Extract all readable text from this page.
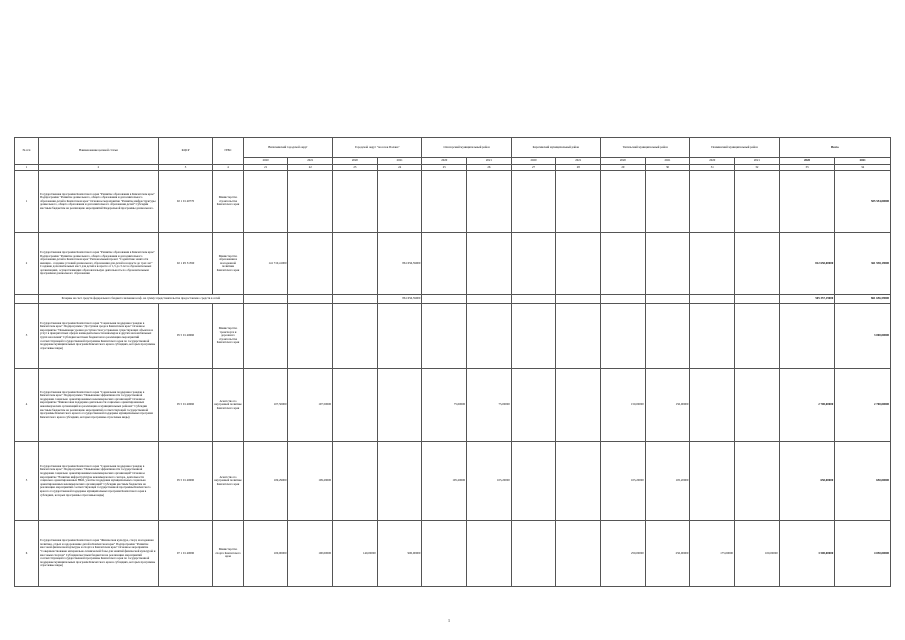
№ п/п	Наименование целевой статьи	КЦСР	ГРБС	Вилючинский городской округ		Городской округ "поселок Палана"		Олюторский муниципальный район		Карагинский муниципальный район		Тигильский муниципальный район		Пенжинский муниципальный район		Всего	
				2020	2021	2020	2021	2020	2021	2020	2021	2020	2021	2020	2021	2020	2021
1	2	3	4	21	22	23	24	25	26	27	28	29	30	31	32	33	34
1	Государственная программа Камчатского края "Развитие образования в Камчатском крае" Подпрограмма "Развитие дошкольного, общего образования и дополнительного образования детей в Камчатском крае" Основное мероприятие "Развитие инфраструктуры дошкольного, общего образования и дополнительного образования детей" Субсидии местным бюджетам на реализацию мероприятий Федеральной программы дошкольного.	02 1 01 40770	Министерство строительства Камчатского края														505 554,00000
2	Государственная программа Камчатского края "Развитие образования в Камчатском крае" Подпрограмма "Развитие дошкольного, общего образования и дополнительного образования детей в Камчатском крае" Региональный проект "Содействие занятости женщин - создание условий дошкольного образования для детей в возрасте до трех лет" Создание дополнительных мест для детей в возрасте от 1,5 до 3 лет в образовательных организациях, осуществляющих образовательную деятельность по образовательным программам дошкольного образования	02 1 P2 51590	Министерство образования и молодежной политики Камчатского края	141 710,41000			861 656,59000									812 650,00000	361 938,19000
	Резервы на счет средств федерального бюджета значение коэф. на сумму: представительства предоставлено средств в сетей						861 656,59000									505 357,19000	861 656,59000
3	Государственная программа Камчатского края "Социальная поддержка граждан в Камчатском крае" Подпрограмма "Доступная среда в Камчатском крае" Основное мероприятие "Повышение уровня доступности и устранение существующих объектов и услуг в приоритетных сферах жизнедеятельности инвалидов и других маломобильных групп населения" Субсидии местным бюджетам на реализацию мероприятий соответствующей государственной программы Камчатского края по государственной поддержке муниципальных программ Камчатского края в субсидиях, которых программы отраслевые виды)	05 5 01 40660	Министерство транспорта и дорожного строительства Камчатского края														3 000,00000
4	Государственная программа Камчатского края "Социальная поддержка граждан в Камчатском крае" Подпрограмма "Повышение эффективности государственной поддержки социально ориентированных некоммерческих организаций" Основное мероприятие "Финансовая поддержка деятельности социально ориентированных некоммерческих организаций на реализацию в муниципальных районах" Субсидии местным бюджетам на реализацию мероприятий соответствующей государственной программы Камчатского края по государственной поддержке муниципальных программ Камчатского края в субсидиях, которых программы отраслевые виды)	05 5 01 40660	Агентство по внутренней политике Камчатского края	107,50000	107,50000			75,00000	75,00000			150,00000	150,00000			2 700,00000	2 700,00000
5	Государственная программа Камчатского края "Социальная поддержка граждан в Камчатском крае" Подпрограмма "Повышение эффективности государственной поддержки социально ориентированных некоммерческих организаций" Основное мероприятие "Развитие инфраструктуры некоммерческого сектора, деятельности социально ориентированных НКО, участие поддержки муниципальных социально ориентированных некоммерческих организаций" Субсидии местным бюджетам на реализацию мероприятий соответствующей государственной программы Камчатского края по государственной поддержке муниципальных программ Камчатского края в субсидиях, которых программы отраслевые виды)	05 5 01 40690	Агентство по внутренней политике Камчатского края	109,29000	109,29000			105,20000	105,20000			105,20000	105,20000			650,00000	650,00000
6	Государственная программа Камчатского края "Физическая культура, спорт, молодежная политика, отдых и оздоровление детей в Камчатском крае" Подпрограмма "Развитие массовой физической культуры и спорта в Камчатском крае" Основное мероприятие "Совершенствование материально-технической базы для занятий физической культурой и массовым спортом" Субсидии местным бюджетам на реализацию мероприятий соответствующей государственной программы Камчатского края по государственной поддержке муниципальных программ Камчатского края в субсидиях, которых программы отраслевые виды)	07 1 01 40090	Министерство спорта Камчатского края	100,00000	100,00000	140,00000	900,00000					250,00000	250,00000	175,00000	100,00000	3 500,00000	4 050,00000
1
